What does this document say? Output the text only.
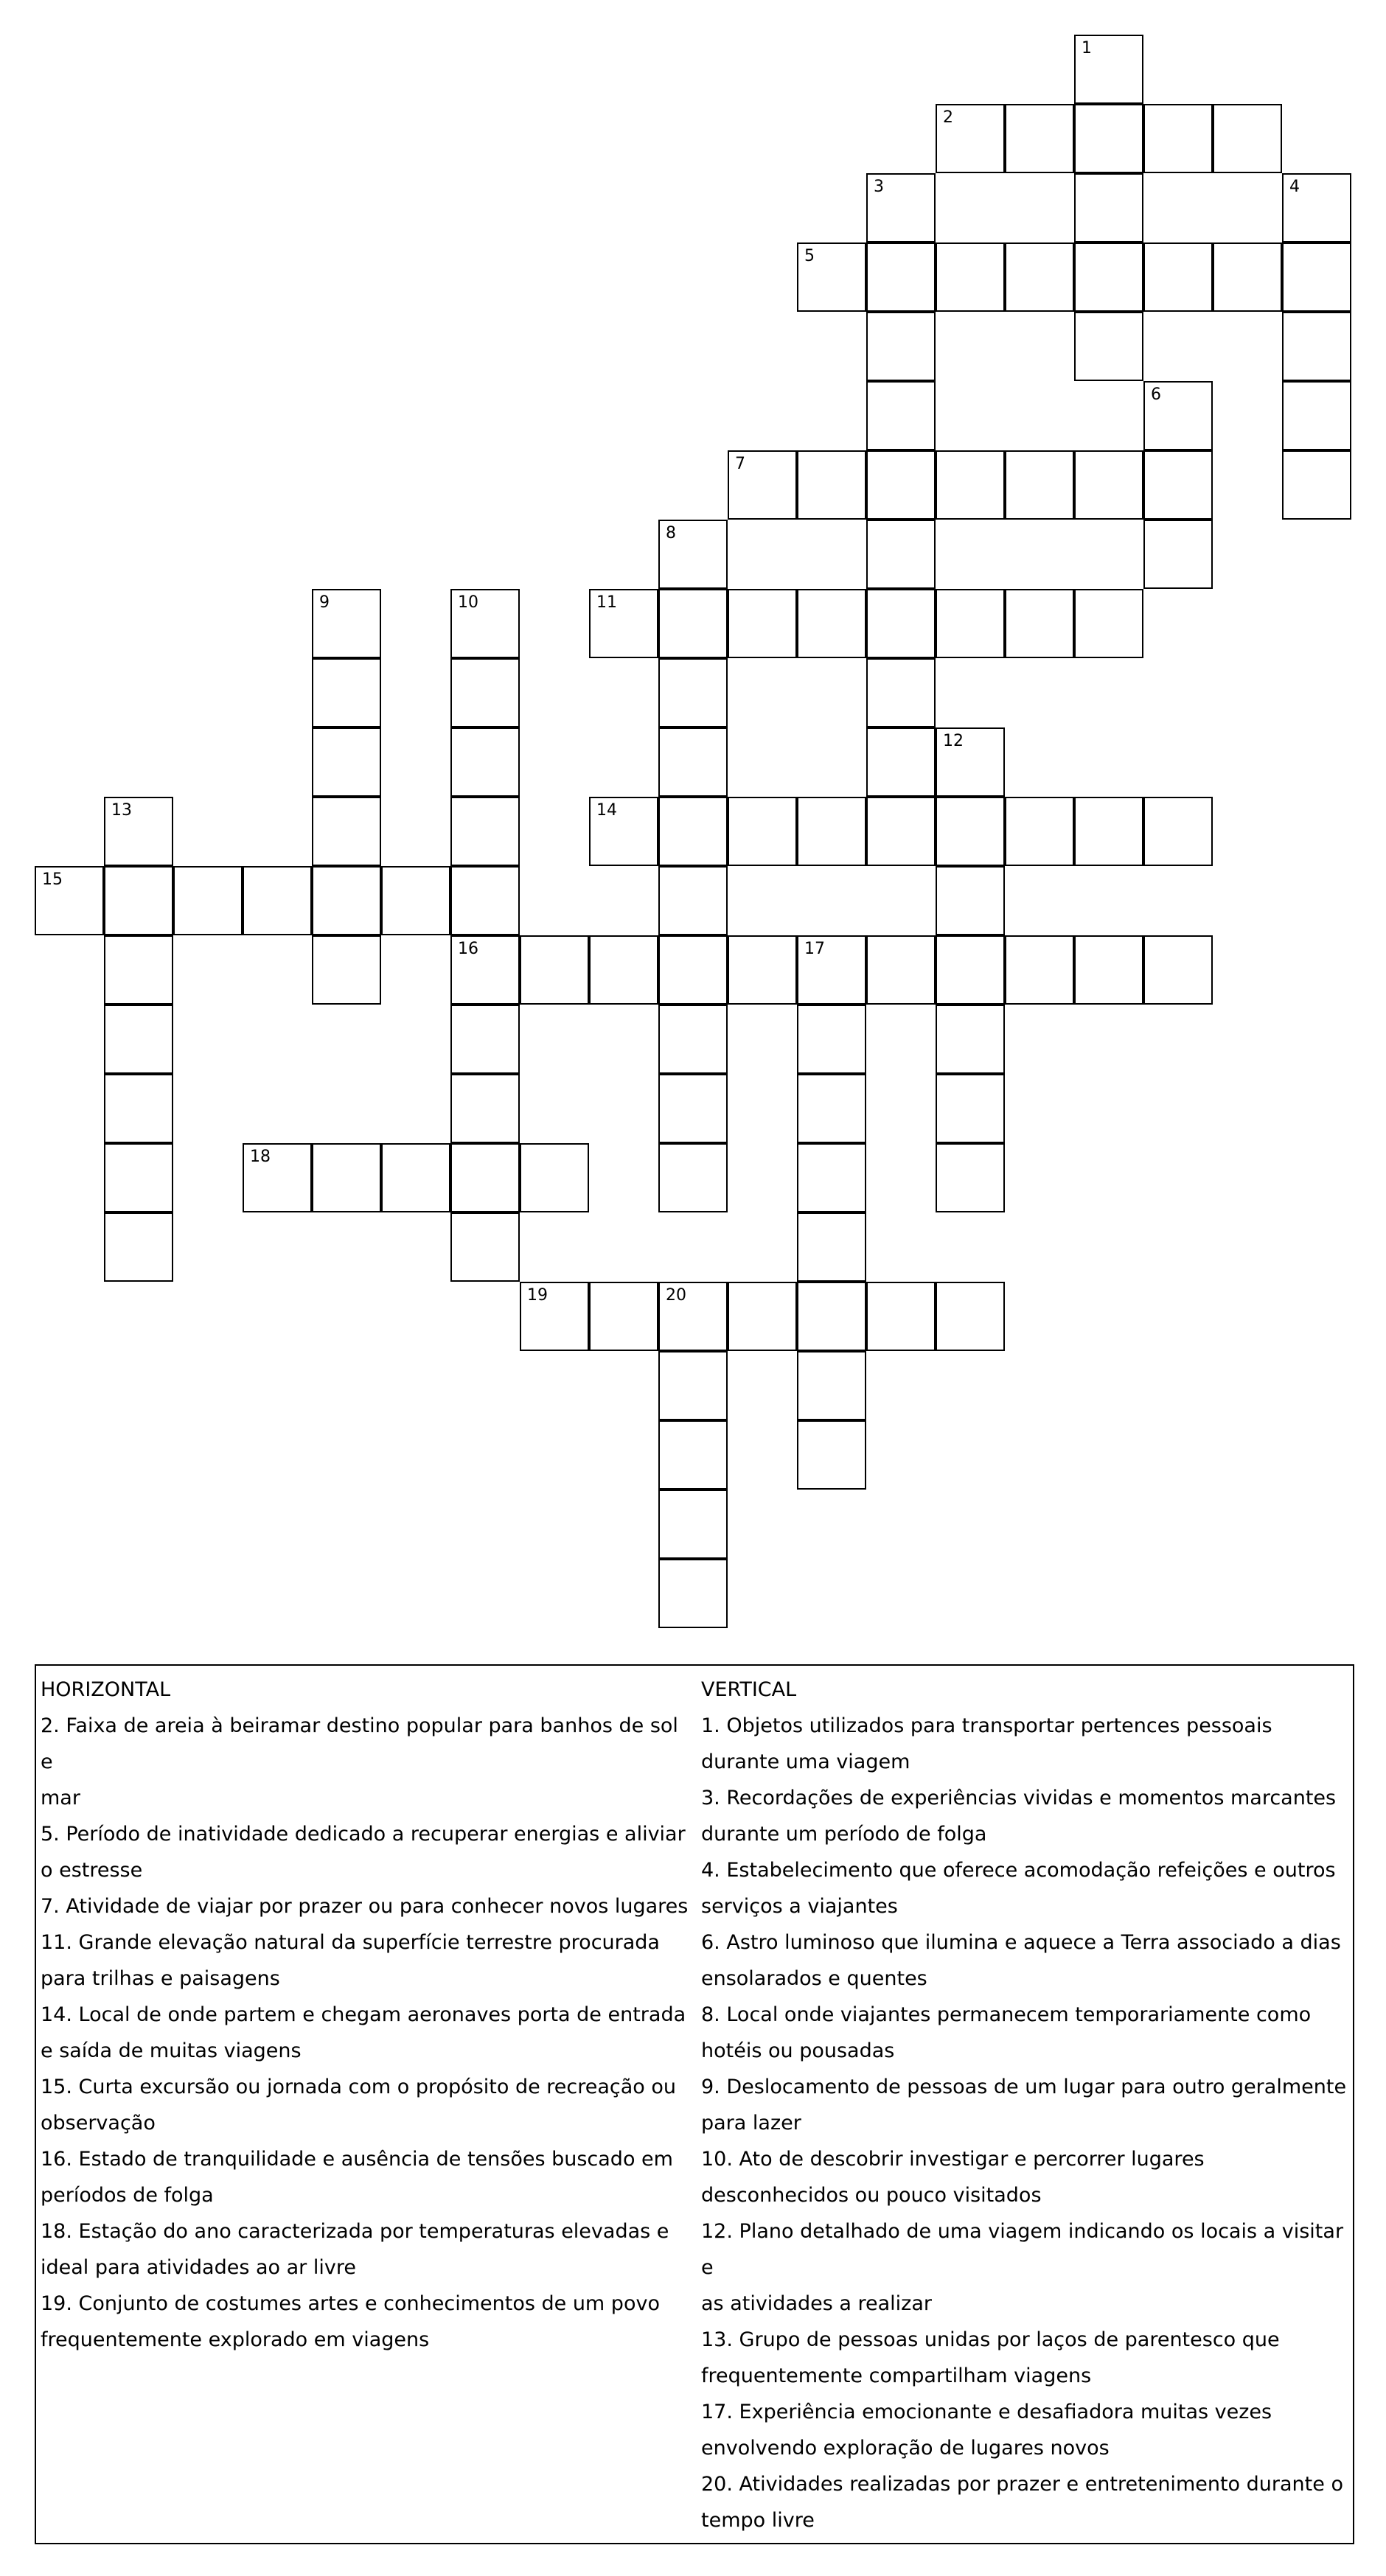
1
2
3	4
5
6
7
8
9	10
16
11
12
13	14
15
17
18
19	20

HORIZONTAL

2. Faixa de areia à beiramar destino popular para banhos de sol e

mar

5. Período de inatividade dedicado a recuperar energias e aliviar

o estresse

7. Atividade de viajar por prazer ou para conhecer novos lugares

11. Grande elevação natural da superfície terrestre procurada

para trilhas e paisagens

14. Local de onde partem e chegam aeronaves porta de entrada

e saída de muitas viagens

15. Curta excursão ou jornada com o propósito de recreação ou

observação

16. Estado de tranquilidade e ausência de tensões buscado em

períodos de folga

18. Estação do ano caracterizada por temperaturas elevadas e

ideal para atividades ao ar livre

19. Conjunto de costumes artes e conhecimentos de um povo

frequentemente explorado em viagens

VERTICAL

1. Objetos utilizados para transportar pertences pessoais

durante uma viagem

3. Recordações de experiências vividas e momentos marcantes

durante um período de folga

4. Estabelecimento que oferece acomodação refeições e outros

serviços a viajantes

6. Astro luminoso que ilumina e aquece a Terra associado a dias

ensolarados e quentes

8. Local onde viajantes permanecem temporariamente como

hotéis ou pousadas

9. Deslocamento de pessoas de um lugar para outro geralmente

para lazer

10. Ato de descobrir investigar e percorrer lugares

desconhecidos ou pouco visitados

12. Plano detalhado de uma viagem indicando os locais a visitar e

as atividades a realizar

13. Grupo de pessoas unidas por laços de parentesco que

frequentemente compartilham viagens

17. Experiência emocionante e desafiadora muitas vezes

envolvendo exploração de lugares novos

20. Atividades realizadas por prazer e entretenimento durante o

tempo livre
